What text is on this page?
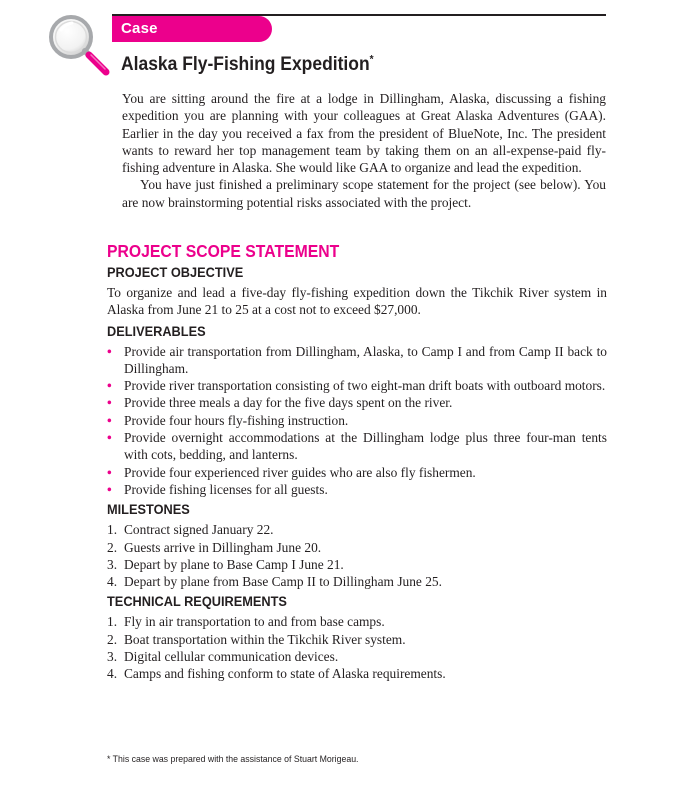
Case
Alaska Fly-Fishing Expedition*

You are sitting around the fire at a lodge in Dillingham, Alaska, discussing a fishing expedition you are planning with your colleagues at Great Alaska Adventures (GAA). Earlier in the day you received a fax from the president of BlueNote, Inc. The president wants to reward her top management team by taking them on an all-expense-paid fly-fishing adventure in Alaska. She would like GAA to organize and lead the expedition.

You have just finished a preliminary scope statement for the project (see below). You are now brainstorming potential risks associated with the project.

PROJECT SCOPE STATEMENT
PROJECT OBJECTIVE

To organize and lead a five-day fly-fishing expedition down the Tikchik River system in Alaska from June 21 to 25 at a cost not to exceed $27,000.

DELIVERABLES
• Provide air transportation from Dillingham, Alaska, to Camp I and from Camp II back to Dillingham.
• Provide river transportation consisting of two eight-man drift boats with outboard motors.
• Provide three meals a day for the five days spent on the river.
• Provide four hours fly-fishing instruction.
• Provide overnight accommodations at the Dillingham lodge plus three four-man tents with cots, bedding, and lanterns.
• Provide four experienced river guides who are also fly fishermen.
• Provide fishing licenses for all guests.
MILESTONES
1. Contract signed January 22.
2. Guests arrive in Dillingham June 20.
3. Depart by plane to Base Camp I June 21.
4. Depart by plane from Base Camp II to Dillingham June 25.
TECHNICAL REQUIREMENTS
1. Fly in air transportation to and from base camps.
2. Boat transportation within the Tikchik River system.
3. Digital cellular communication devices.
4. Camps and fishing conform to state of Alaska requirements.

* This case was prepared with the assistance of Stuart Morigeau.
